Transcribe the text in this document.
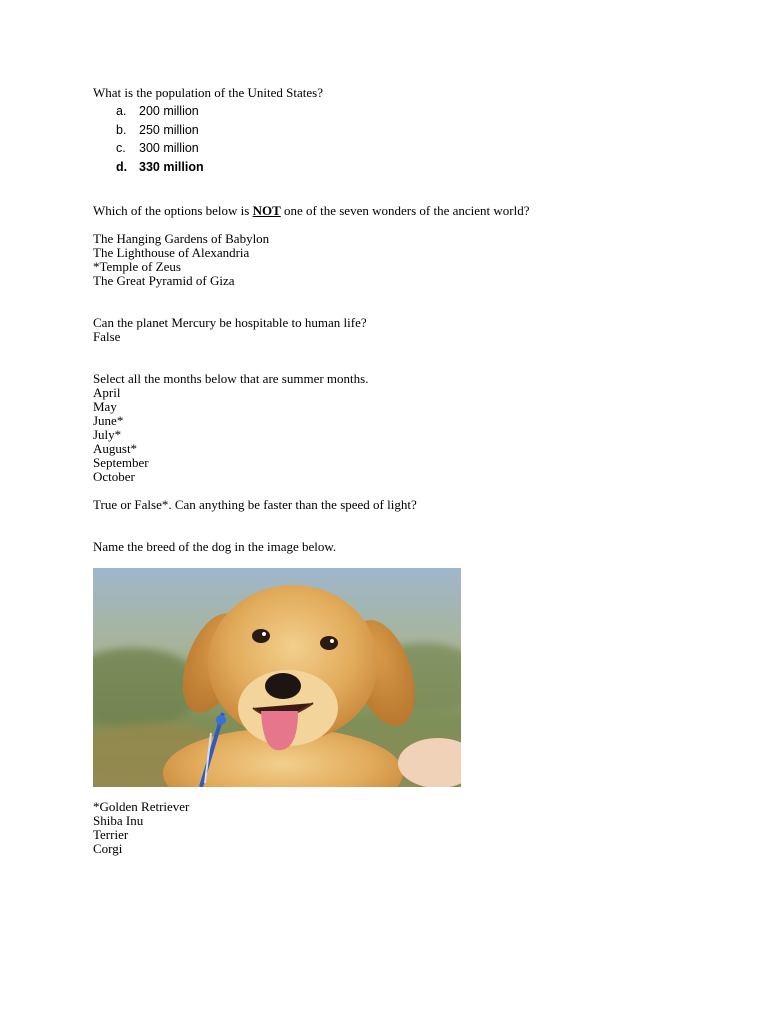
What is the population of the United States?
a. 200 million
b. 250 million
c. 300 million
d. 330 million
Which of the options below is NOT one of the seven wonders of the ancient world?
The Hanging Gardens of Babylon
The Lighthouse of Alexandria
*Temple of Zeus
The Great Pyramid of Giza
Can the planet Mercury be hospitable to human life?
False
Select all the months below that are summer months.
April
May
June*
July*
August*
September
October
True or False*. Can anything be faster than the speed of light?
Name the breed of the dog in the image below.
*Golden Retriever
Shiba Inu
Terrier
Corgi
